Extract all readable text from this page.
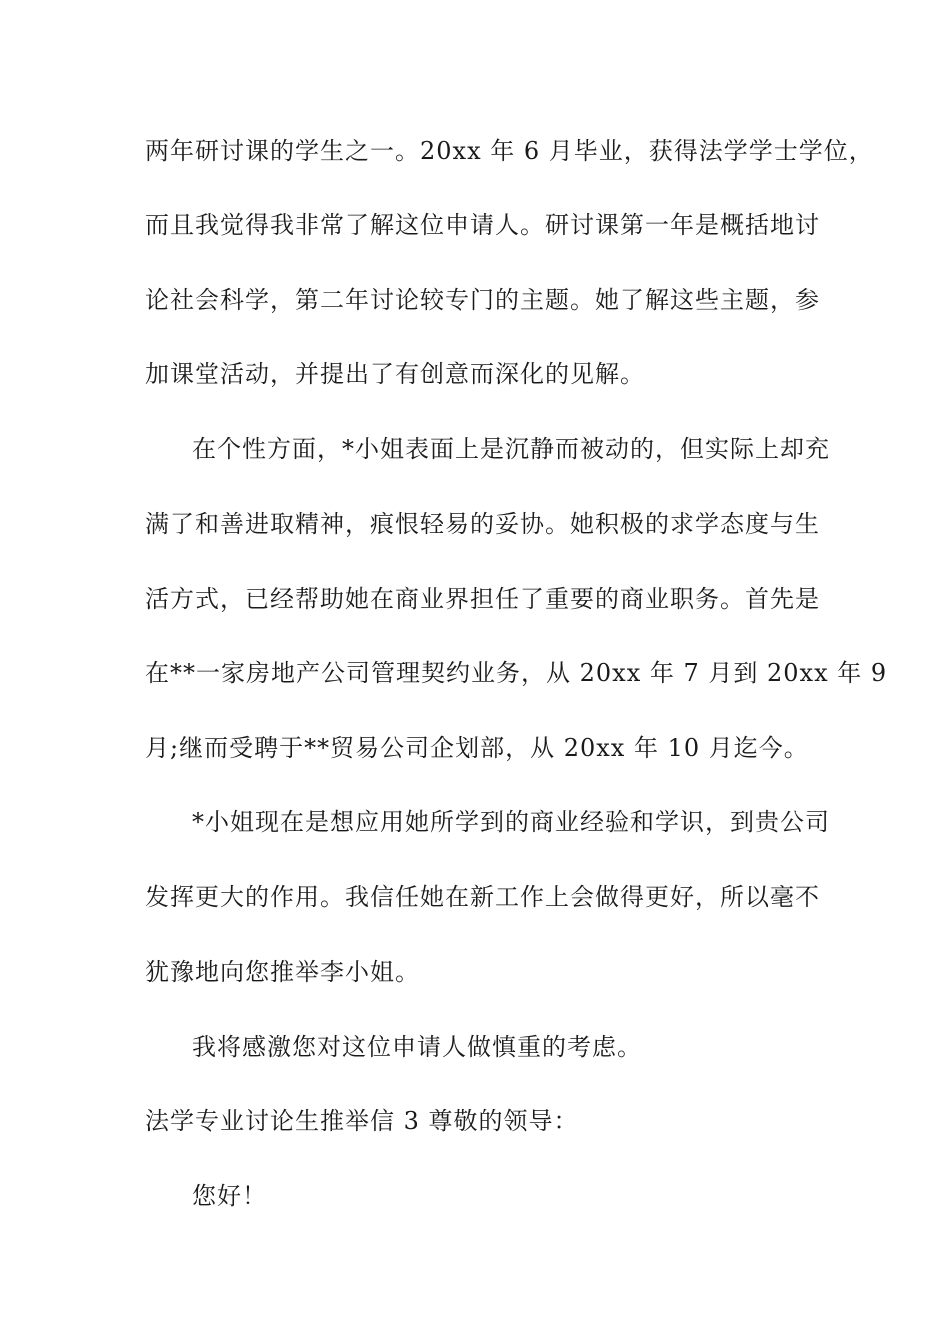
两年研讨课的学生之一。20xx 年 6 月毕业，获得法学学士学位，
而且我觉得我非常了解这位申请人。研讨课第一年是概括地讨
论社会科学，第二年讨论较专门的主题。她了解这些主题，参
加课堂活动，并提出了有创意而深化的见解。
在个性方面，*小姐表面上是沉静而被动的，但实际上却充
满了和善进取精神，痕恨轻易的妥协。她积极的求学态度与生
活方式，已经帮助她在商业界担任了重要的商业职务。首先是
在**一家房地产公司管理契约业务，从 20xx 年 7 月到 20xx 年 9
月;继而受聘于**贸易公司企划部，从 20xx 年 10 月迄今。
*小姐现在是想应用她所学到的商业经验和学识，到贵公司
发挥更大的作用。我信任她在新工作上会做得更好，所以毫不
犹豫地向您推举李小姐。
我将感激您对这位申请人做慎重的考虑。
法学专业讨论生推举信 3 尊敬的领导：
您好！
